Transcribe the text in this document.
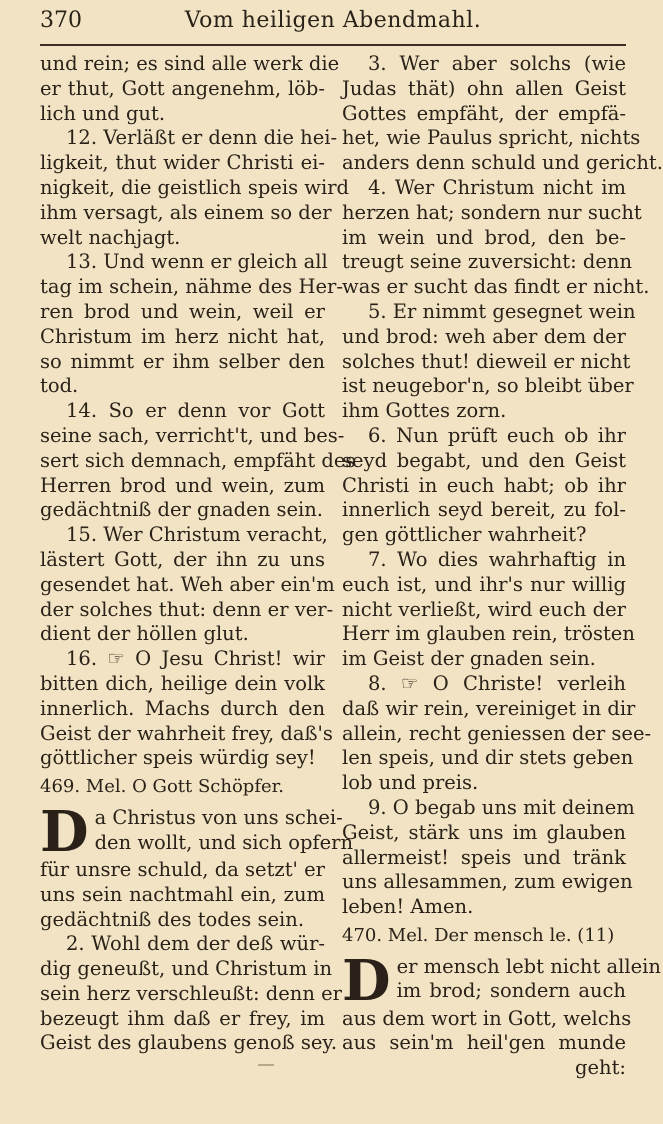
370	Vom heiligen Abendmahl.
und rein; es sind alle werk die
er thut, Gott angenehm, löb-
lich und gut.
12. Verläßt er denn die hei-
ligkeit, thut wider Christi ei-
nigkeit, die geistlich speis wird
ihm versagt, als einem so der
welt nachjagt.
13. Und wenn er gleich all
tag im schein, nähme des Her-
ren brod und wein, weil er
Christum im herz nicht hat,
so nimmt er ihm selber den
tod.
14. So er denn vor Gott
seine sach, verricht't, und bes-
sert sich demnach, empfäht des
Herren brod und wein, zum
gedächtniß der gnaden sein.
15. Wer Christum veracht,
lästert Gott, der ihn zu uns
gesendet hat. Weh aber ein'm
der solches thut: denn er ver-
dient der höllen glut.
16. ☞ O Jesu Christ! wir
bitten dich, heilige dein volk
innerlich. Machs durch den
Geist der wahrheit frey, daß's
göttlicher speis würdig sey!
469. Mel. O Gott Schöpfer.
D a Christus von uns schei-
den wollt, und sich opfern
für unsre schuld, da setzt' er
uns sein nachtmahl ein, zum
gedächtniß des todes sein.
2. Wohl dem der deß wür-
dig geneußt, und Christum in
sein herz verschleußt: denn er
bezeugt ihm daß er frey, im
Geist des glaubens genoß sey.
3. Wer aber solchs (wie
Judas thät) ohn allen Geist
Gottes empfäht, der empfä-
het, wie Paulus spricht, nichts
anders denn schuld und gericht.
4. Wer Christum nicht im
herzen hat; sondern nur sucht
im wein und brod, den be-
treugt seine zuversicht: denn
was er sucht das findt er nicht.
5. Er nimmt gesegnet wein
und brod: weh aber dem der
solches thut! dieweil er nicht
ist neugebor'n, so bleibt über
ihm Gottes zorn.
6. Nun prüft euch ob ihr
seyd begabt, und den Geist
Christi in euch habt; ob ihr
innerlich seyd bereit, zu fol-
gen göttlicher wahrheit?
7. Wo dies wahrhaftig in
euch ist, und ihr's nur willig
nicht verließt, wird euch der
Herr im glauben rein, trösten
im Geist der gnaden sein.
8. ☞ O Christe! verleih
daß wir rein, vereiniget in dir
allein, recht geniessen der see-
len speis, und dir stets geben
lob und preis.
9. O begab uns mit deinem
Geist, stärk uns im glauben
allermeist! speis und tränk
uns allesammen, zum ewigen
leben! Amen.
470. Mel. Der mensch le. (11)
D er mensch lebt nicht allein
im brod; sondern auch
aus dem wort in Gott, welchs
aus sein'm heil'gen munde
geht:
